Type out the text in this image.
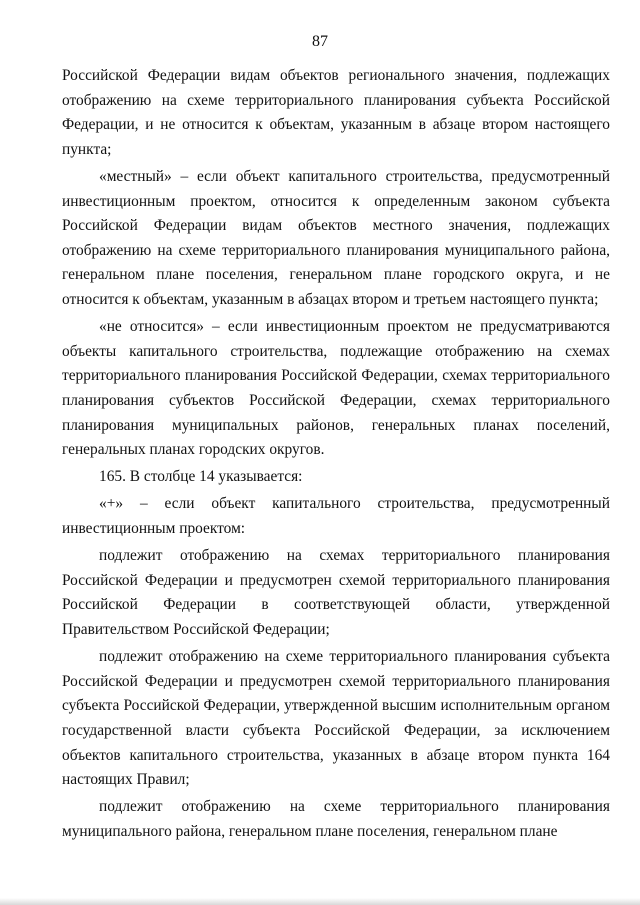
87

Российской Федерации видам объектов регионального значения, подлежащих отображению на схеме территориального планирования субъекта Российской Федерации, и не относится к объектам, указанным в абзаце втором настоящего пункта;

«местный» – если объект капитального строительства, предусмотренный инвестиционным проектом, относится к определенным законом субъекта Российской Федерации видам объектов местного значения, подлежащих отображению на схеме территориального планирования муниципального района, генеральном плане поселения, генеральном плане городского округа, и не относится к объектам, указанным в абзацах втором и третьем настоящего пункта;

«не относится» – если инвестиционным проектом не предусматриваются объекты капитального строительства, подлежащие отображению на схемах территориального планирования Российской Федерации, схемах территориального планирования субъектов Российской Федерации, схемах территориального планирования муниципальных районов, генеральных планах поселений, генеральных планах городских округов.

165. В столбце 14 указывается:

«+» – если объект капитального строительства, предусмотренный инвестиционным проектом:

подлежит отображению на схемах территориального планирования Российской Федерации и предусмотрен схемой территориального планирования Российской Федерации в соответствующей области, утвержденной Правительством Российской Федерации;

подлежит отображению на схеме территориального планирования субъекта Российской Федерации и предусмотрен схемой территориального планирования субъекта Российской Федерации, утвержденной высшим исполнительным органом государственной власти субъекта Российской Федерации, за исключением объектов капитального строительства, указанных в абзаце втором пункта 164 настоящих Правил;

подлежит отображению на схеме территориального планирования муниципального района, генеральном плане поселения, генеральном плане
